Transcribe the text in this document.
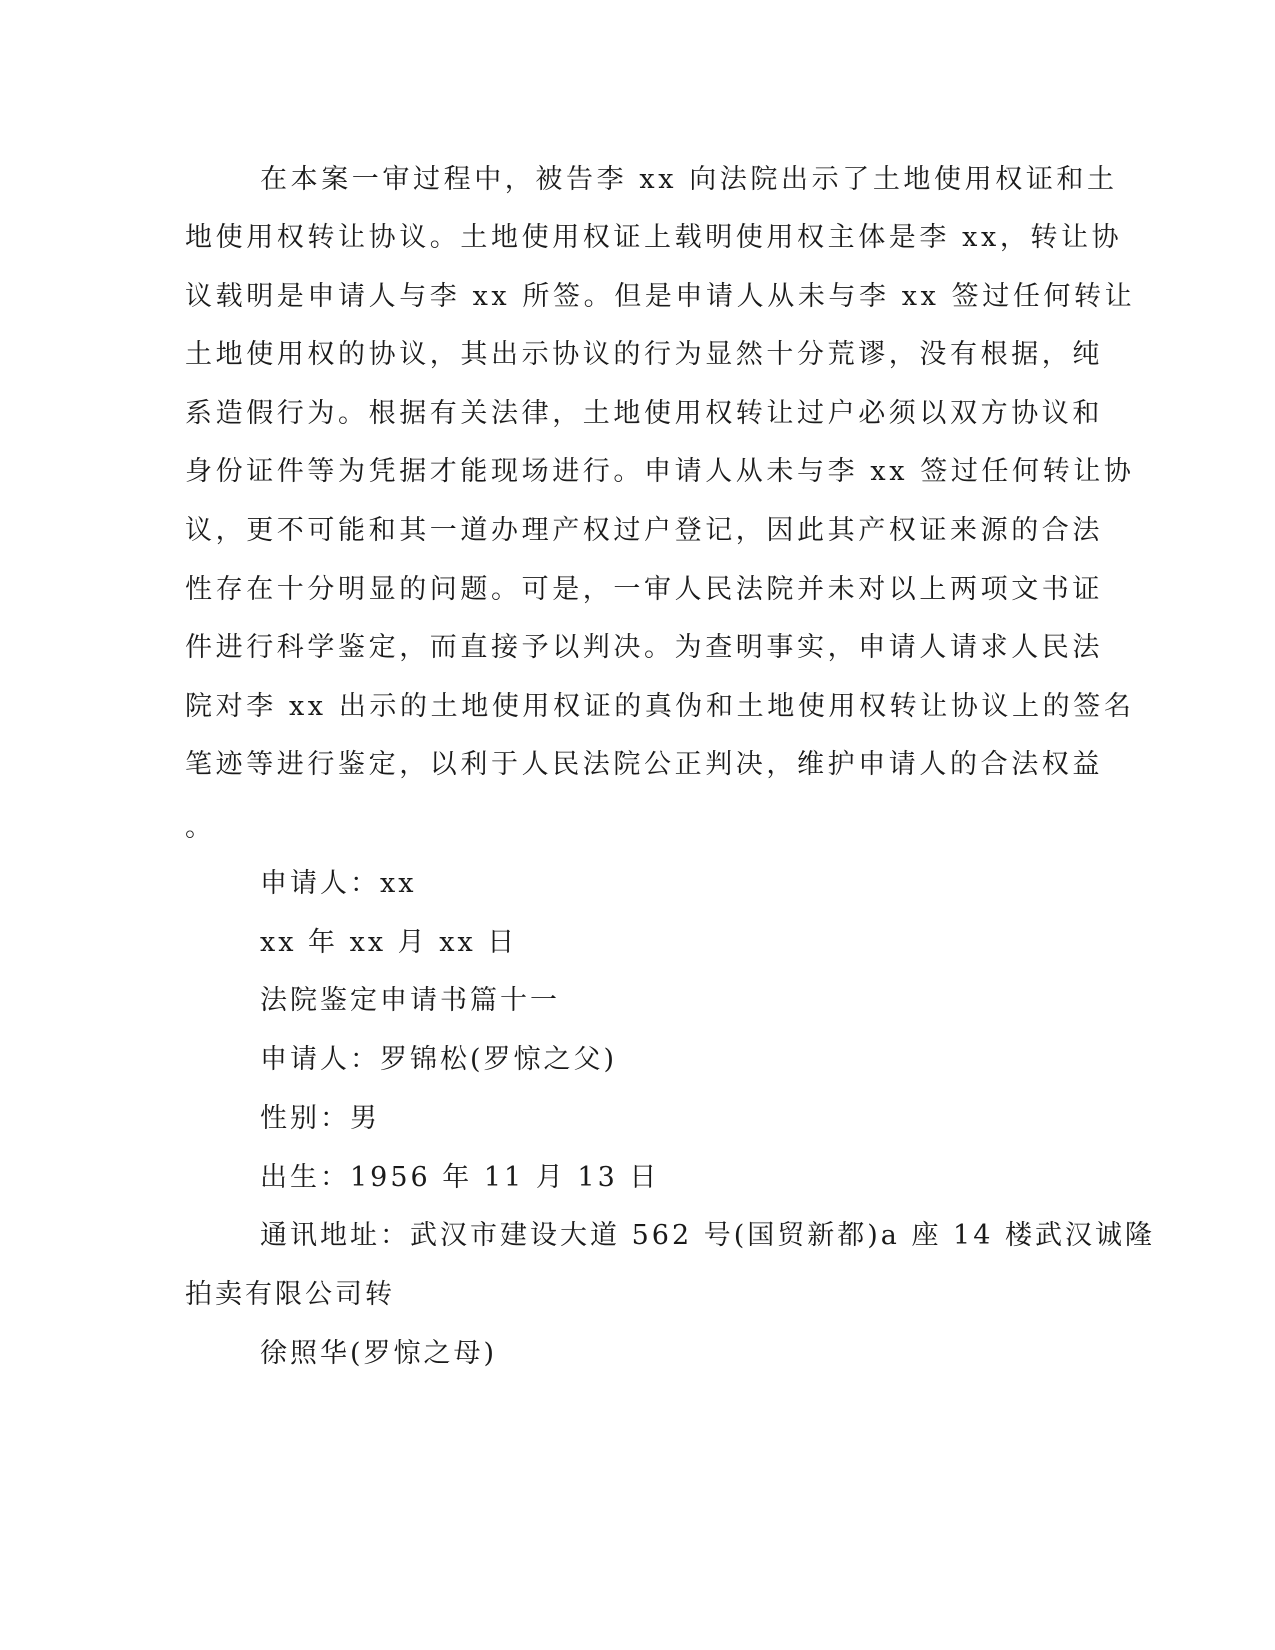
在本案一审过程中，被告李 xx 向法院出示了土地使用权证和土
地使用权转让协议。土地使用权证上载明使用权主体是李 xx，转让协
议载明是申请人与李 xx 所签。但是申请人从未与李 xx 签过任何转让
土地使用权的协议，其出示协议的行为显然十分荒谬，没有根据，纯
系造假行为。根据有关法律，土地使用权转让过户必须以双方协议和
身份证件等为凭据才能现场进行。申请人从未与李 xx 签过任何转让协
议，更不可能和其一道办理产权过户登记，因此其产权证来源的合法
性存在十分明显的问题。可是，一审人民法院并未对以上两项文书证
件进行科学鉴定，而直接予以判决。为查明事实，申请人请求人民法
院对李 xx 出示的土地使用权证的真伪和土地使用权转让协议上的签名
笔迹等进行鉴定，以利于人民法院公正判决，维护申请人的合法权益
。
申请人：xx
xx 年 xx 月 xx 日
法院鉴定申请书篇十一
申请人：罗锦松(罗惊之父)
性别：男
出生：1956 年 11 月 13 日
通讯地址：武汉市建设大道 562 号(国贸新都)a 座 14 楼武汉诚隆
拍卖有限公司转
徐照华(罗惊之母)
